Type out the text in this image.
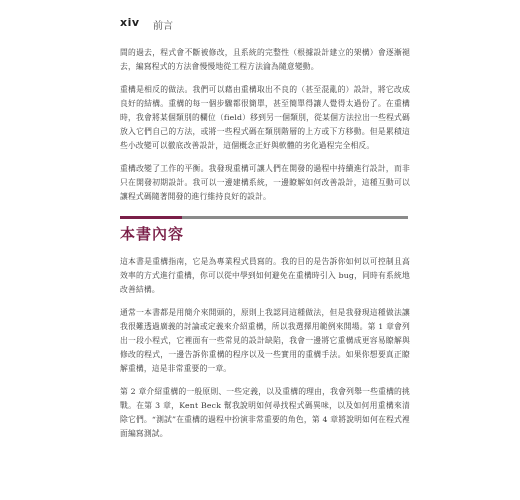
xiv 前言

間的過去，程式會不斷被修改，且系統的完整性（根據設計建立的架構）會逐漸褪去，編寫程式的方法會慢慢地從工程方法淪為隨意變動。

重構是相反的做法。我們可以藉由重構取出不良的（甚至混亂的）設計，將它改成良好的結構。重構的每一個步驟都很簡單，甚至簡單得讓人覺得太過份了。在重構時，我會將某個類別的欄位（field）移到另一個類別，從某個方法拉出一些程式碼放入它們自己的方法，或將一些程式碼在類別階層的上方或下方移動。但是累積這些小改變可以徹底改善設計，這個概念正好與軟體的劣化過程完全相反。

重構改變了工作的平衡。我發現重構可讓人們在開發的過程中持續進行設計，而非只在開發初期設計。我可以一邊建構系統，一邊瞭解如何改善設計，這種互動可以讓程式碼隨著開發的進行維持良好的設計。

本書內容

這本書是重構指南，它是為專業程式員寫的。我的目的是告訴你如何以可控制且高效率的方式進行重構，你可以從中學到如何避免在重構時引入 bug，同時有系統地改善結構。

通常一本書都是用簡介來開頭的，原則上我認同這種做法，但是我發現這種做法讓我很難透過廣義的討論或定義來介紹重構，所以我選擇用範例來開場。第 1 章會列出一段小程式，它裡面有一些常見的設計缺陷，我會一邊將它重構成更容易瞭解與修改的程式，一邊告訴你重構的程序以及一些實用的重構手法。如果你想要真正瞭解重構，這是非常重要的一章。

第 2 章介紹重構的一般原則、一些定義，以及重構的理由，我會列舉一些重構的挑戰。在第 3 章，Kent Beck 幫我說明如何尋找程式碼異味，以及如何用重構來清除它們。“測試”在重構的過程中扮演非常重要的角色，第 4 章將說明如何在程式裡面編寫測試。
